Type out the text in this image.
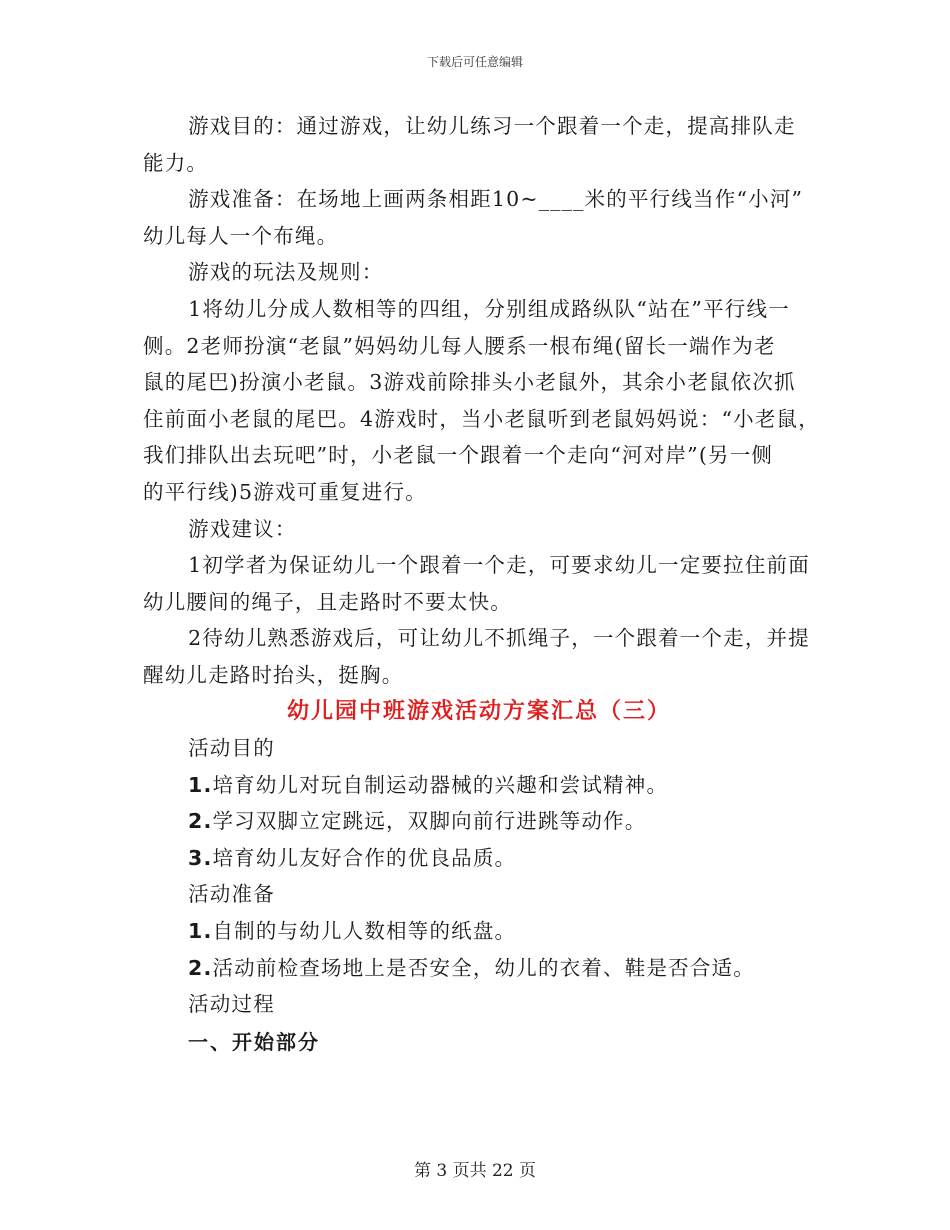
下载后可任意编辑

游戏目的：通过游戏，让幼儿练习一个跟着一个走，提高排队走

能力。

游戏准备：在场地上画两条相距10~____米的平行线当作“小河”

幼儿每人一个布绳。

游戏的玩法及规则：

1将幼儿分成人数相等的四组，分别组成路纵队“站在”平行线一

侧。2老师扮演“老鼠”妈妈幼儿每人腰系一根布绳(留长一端作为老

鼠的尾巴)扮演小老鼠。3游戏前除排头小老鼠外，其余小老鼠依次抓

住前面小老鼠的尾巴。4游戏时，当小老鼠听到老鼠妈妈说：“小老鼠，

我们排队出去玩吧”时，小老鼠一个跟着一个走向“河对岸”(另一侧

的平行线)5游戏可重复进行。

游戏建议：

1初学者为保证幼儿一个跟着一个走，可要求幼儿一定要拉住前面

幼儿腰间的绳子，且走路时不要太快。

2待幼儿熟悉游戏后，可让幼儿不抓绳子，一个跟着一个走，并提

醒幼儿走路时抬头，挺胸。

幼儿园中班游戏活动方案汇总（三）

活动目的

1.培育幼儿对玩自制运动器械的兴趣和尝试精神。

2.学习双脚立定跳远，双脚向前行进跳等动作。

3.培育幼儿友好合作的优良品质。

活动准备

1.自制的与幼儿人数相等的纸盘。

2.活动前检查场地上是否安全，幼儿的衣着、鞋是否合适。

活动过程

一、开始部分

第 3 页共 22 页
